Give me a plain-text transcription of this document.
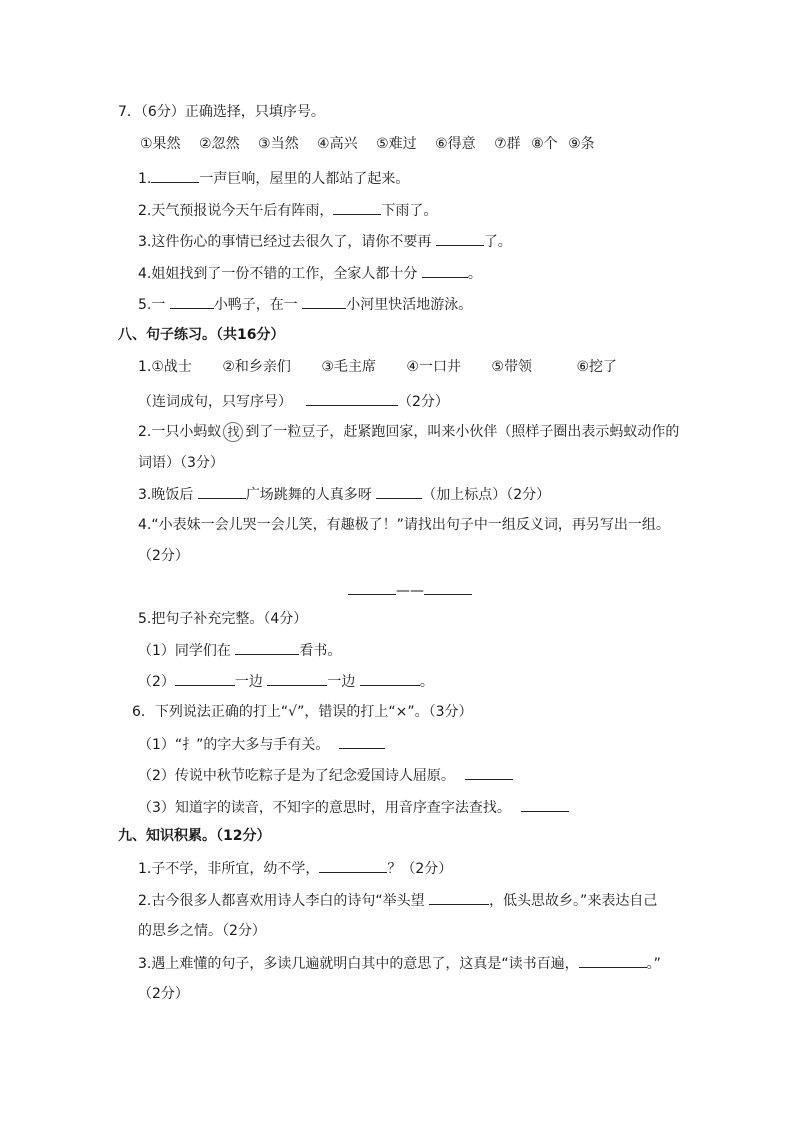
7．（6分）正确选择，只填序号。
①果然 ②忽然 ③当然 ④高兴 ⑤难过 ⑥得意 ⑦群 ⑧个 ⑨条
1.	一声巨响，屋里的人都站了起来。
2.天气预报说今天午后有阵雨，	下雨了。
3.这件伤心的事情已经过去很久了，请你不要再	了。
4.姐姐找到了一份不错的工作，全家人都十分	。
5.一	小鸭子，在一	小河里快活地游泳。
八、句子练习。（共16分）
1.①战士 ②和乡亲们 ③毛主席 ④一口井 ⑤带领	⑥挖了
（连词成句，只写序号）	（2分）
2.一只小蚂蚁 找 到了一粒豆子，赶紧跑回家，叫来小伙伴（照样子圈出表示蚂蚁动作的
词语）（3分）
3.晚饭后	广场跳舞的人真多呀	（加上标点）（2分）
4.“小表妹一会儿哭一会儿笑，有趣极了！”请找出句子中一组反义词，再另写出一组。
（2分）
——
5.把句子补充完整。（4分）
（1）同学们在	看书。
（2）	一边	一边	。
6．下列说法正确的打上“√”，错误的打上“×”。（3分）
（1）“扌”的字大多与手有关。
（2）传说中秋节吃粽子是为了纪念爱国诗人屈原。
（3）知道字的读音，不知字的意思时，用音序查字法查找。
九、知识积累。（12分）
1.子不学，非所宜，幼不学，	？（2分）
2.古今很多人都喜欢用诗人李白的诗句“举头望	，低头思故乡。”来表达自己
的思乡之情。（2分）
3.遇上难懂的句子，多读几遍就明白其中的意思了，这真是“读书百遍，	。”
（2分）
